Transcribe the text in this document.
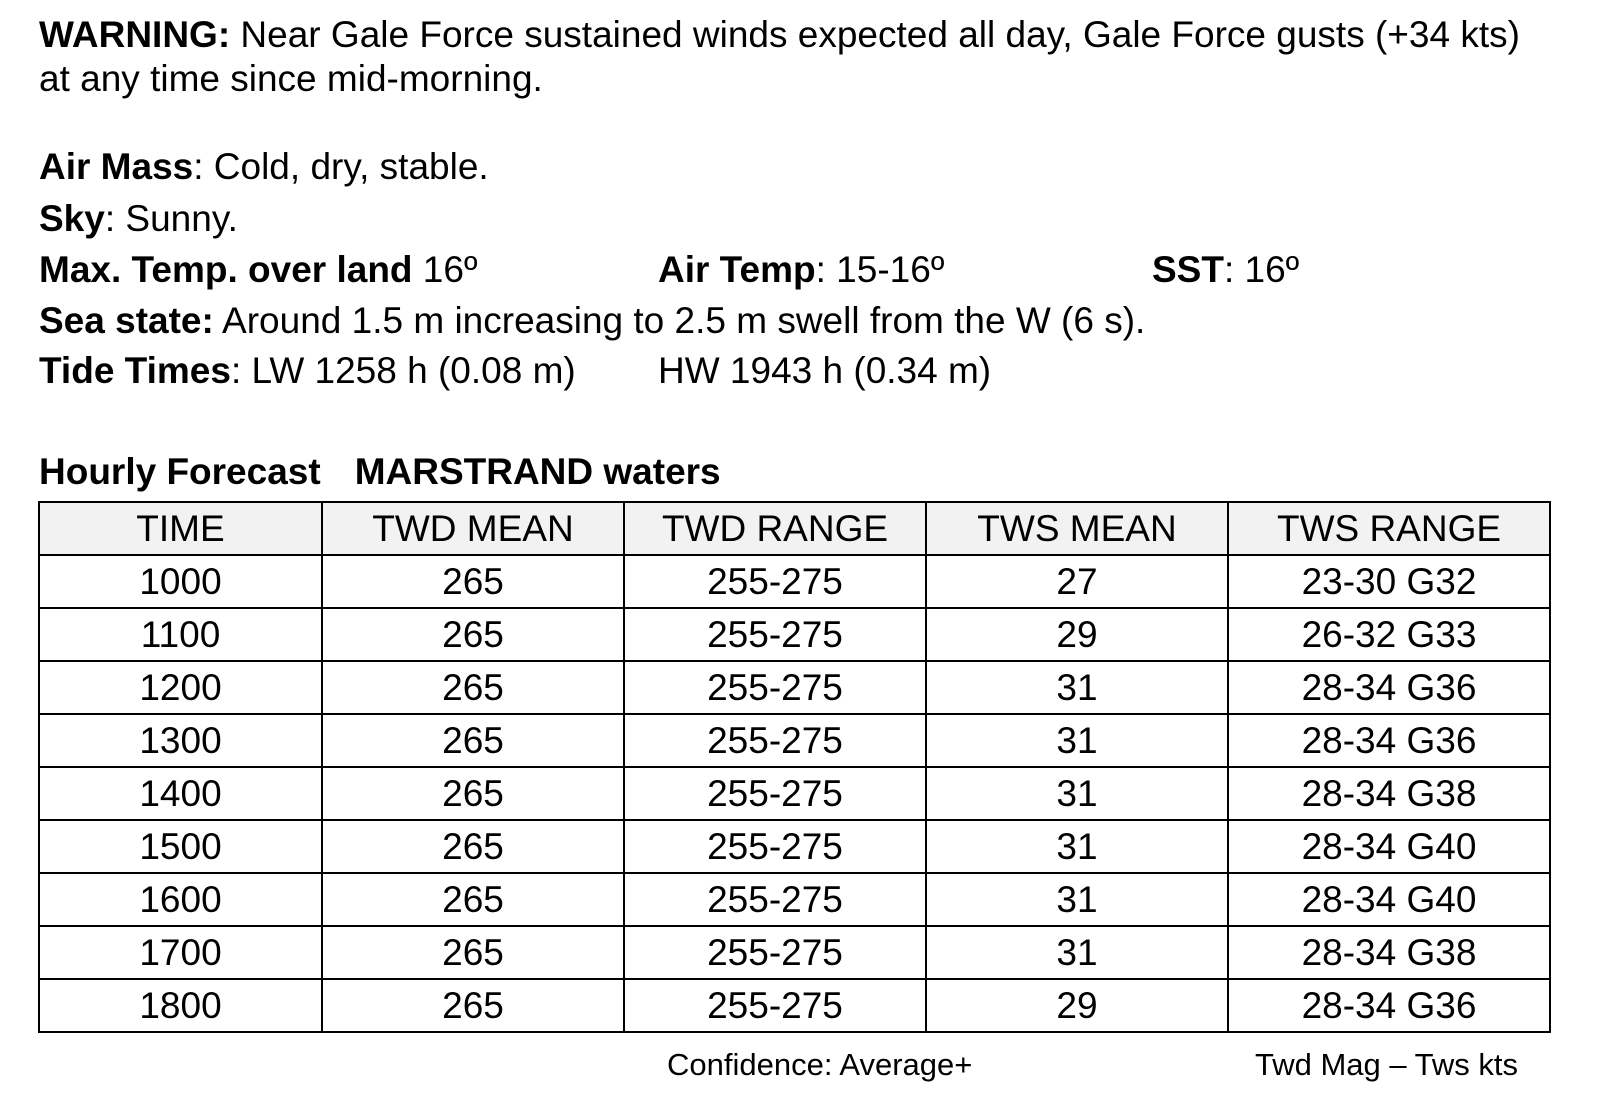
WARNING: Near Gale Force sustained winds expected all day, Gale Force gusts (+34 kts) at any time since mid-morning.
Air Mass: Cold, dry, stable.
Sky: Sunny.
Max. Temp. over land 16º	Air Temp: 15-16º	SST: 16º
Sea state: Around 1.5 m increasing to 2.5 m swell from the W (6 s).
Tide Times: LW 1258 h (0.08 m) HW 1943 h (0.34 m)
Hourly Forecast MARSTRAND waters
TIME	TWD MEAN	TWD RANGE	TWS MEAN	TWS RANGE
1000	265	255-275	27	23-30 G32
1100	265	255-275	29	26-32 G33
1200	265	255-275	31	28-34 G36
1300	265	255-275	31	28-34 G36
1400	265	255-275	31	28-34 G38
1500	265	255-275	31	28-34 G40
1600	265	255-275	31	28-34 G40
1700	265	255-275	31	28-34 G38
1800	265	255-275	29	28-34 G36
Confidence: Average+	Twd Mag – Tws kts
